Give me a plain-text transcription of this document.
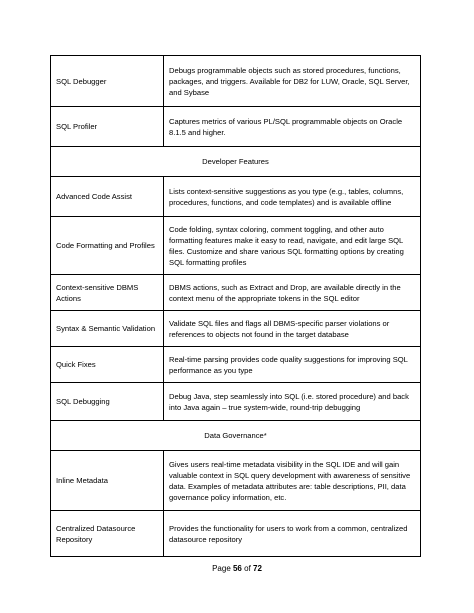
SQL Debugger	Debugs programmable objects such as stored procedures, functions, packages, and triggers. Available for DB2 for LUW, Oracle, SQL Server, and Sybase

SQL Profiler	Captures metrics of various PL/SQL programmable objects on Oracle 8.1.5 and higher.

Developer Features	
Advanced Code Assist	Lists context-sensitive suggestions as you type (e.g., tables, columns, procedures, functions, and code templates) and is available offline

Code Formatting and Profiles	Code folding, syntax coloring, comment toggling, and other auto formatting features make it easy to read, navigate, and edit large SQL files. Customize and share various SQL formatting options by creating SQL formatting profiles

Context-sensitive DBMS Actions	DBMS actions, such as Extract and Drop, are available directly in the context menu of the appropriate tokens in the SQL editor

Syntax & Semantic Validation	Validate SQL files and flags all DBMS-specific parser violations or references to objects not found in the target database

Quick Fixes	Real-time parsing provides code quality suggestions for improving SQL performance as you type

SQL Debugging	Debug Java, step seamlessly into SQL (i.e. stored procedure) and back into Java again – true system-wide, round-trip debugging

Data Governance*	
Inline Metadata	Gives users real-time metadata visibility in the SQL IDE and will gain valuable context in SQL query development with awareness of sensitive data. Examples of metadata attributes are: table descriptions, PII, data governance policy information, etc.

Centralized Datasource Repository	Provides the functionality for users to work from a common, centralized datasource repository
Page 56 of 72
